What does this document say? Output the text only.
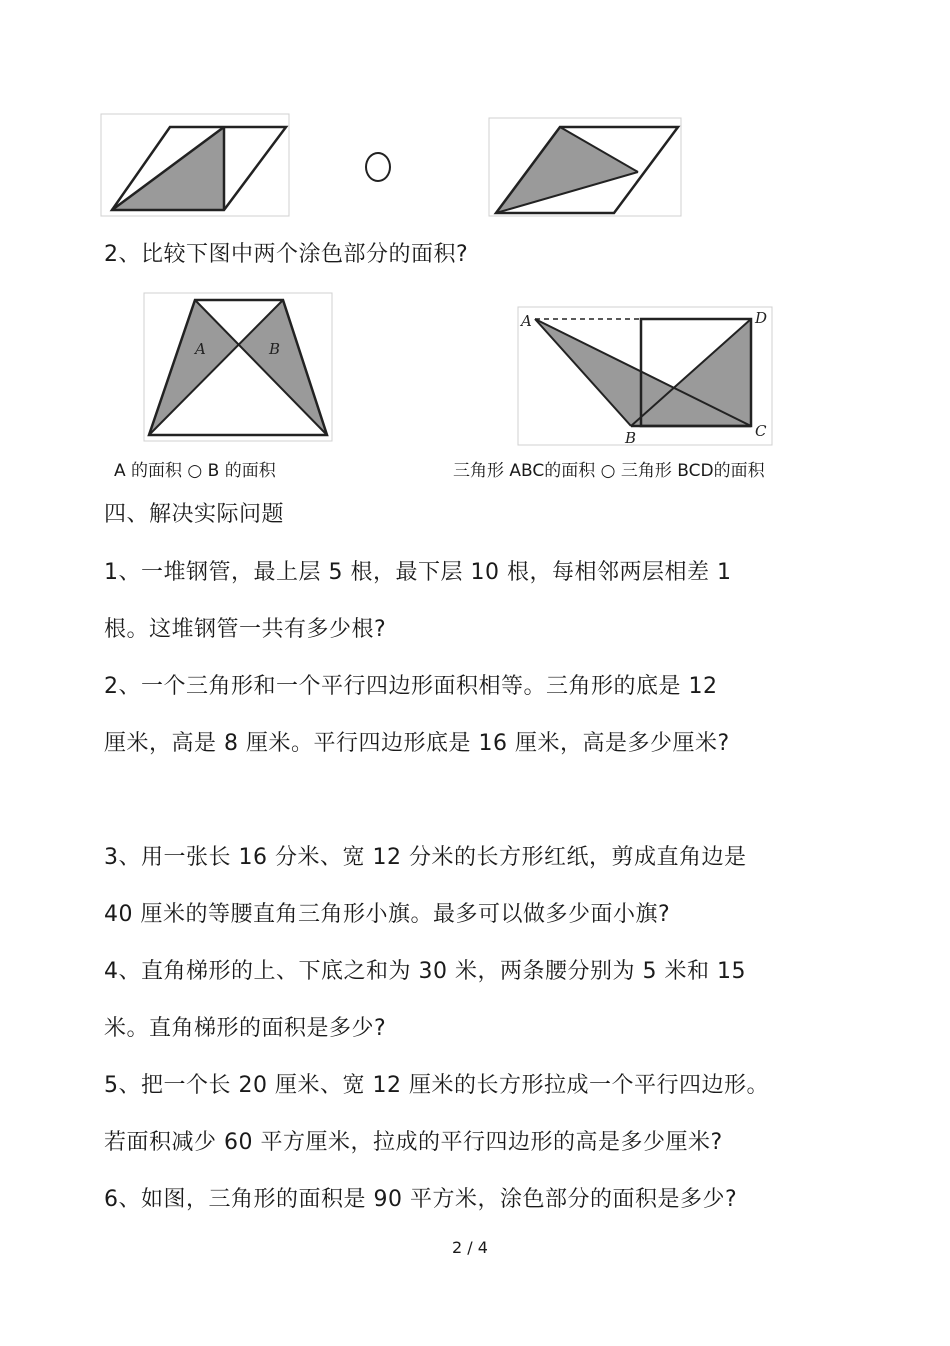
2、比较下图中两个涂色部分的面积?
A	B
A
B	C
D
A 的面积 ○ B 的面积	三角形 ABC的面积 ○ 三角形 BCD的面积
四、解决实际问题
1、一堆钢管，最上层 5 根，最下层 10 根，每相邻两层相差 1
根。这堆钢管一共有多少根?
2、一个三角形和一个平行四边形面积相等。三角形的底是 12
厘米，高是 8 厘米。平行四边形底是 16 厘米，高是多少厘米?
3、用一张长 16 分米、宽 12 分米的长方形红纸，剪成直角边是
40 厘米的等腰直角三角形小旗。最多可以做多少面小旗?
4、直角梯形的上、下底之和为 30 米，两条腰分别为 5 米和 15
米。直角梯形的面积是多少?
5、把一个长 20 厘米、宽 12 厘米的长方形拉成一个平行四边形。
若面积减少 60 平方厘米，拉成的平行四边形的高是多少厘米?
6、如图，三角形的面积是 90 平方米，涂色部分的面积是多少?
2 / 4
